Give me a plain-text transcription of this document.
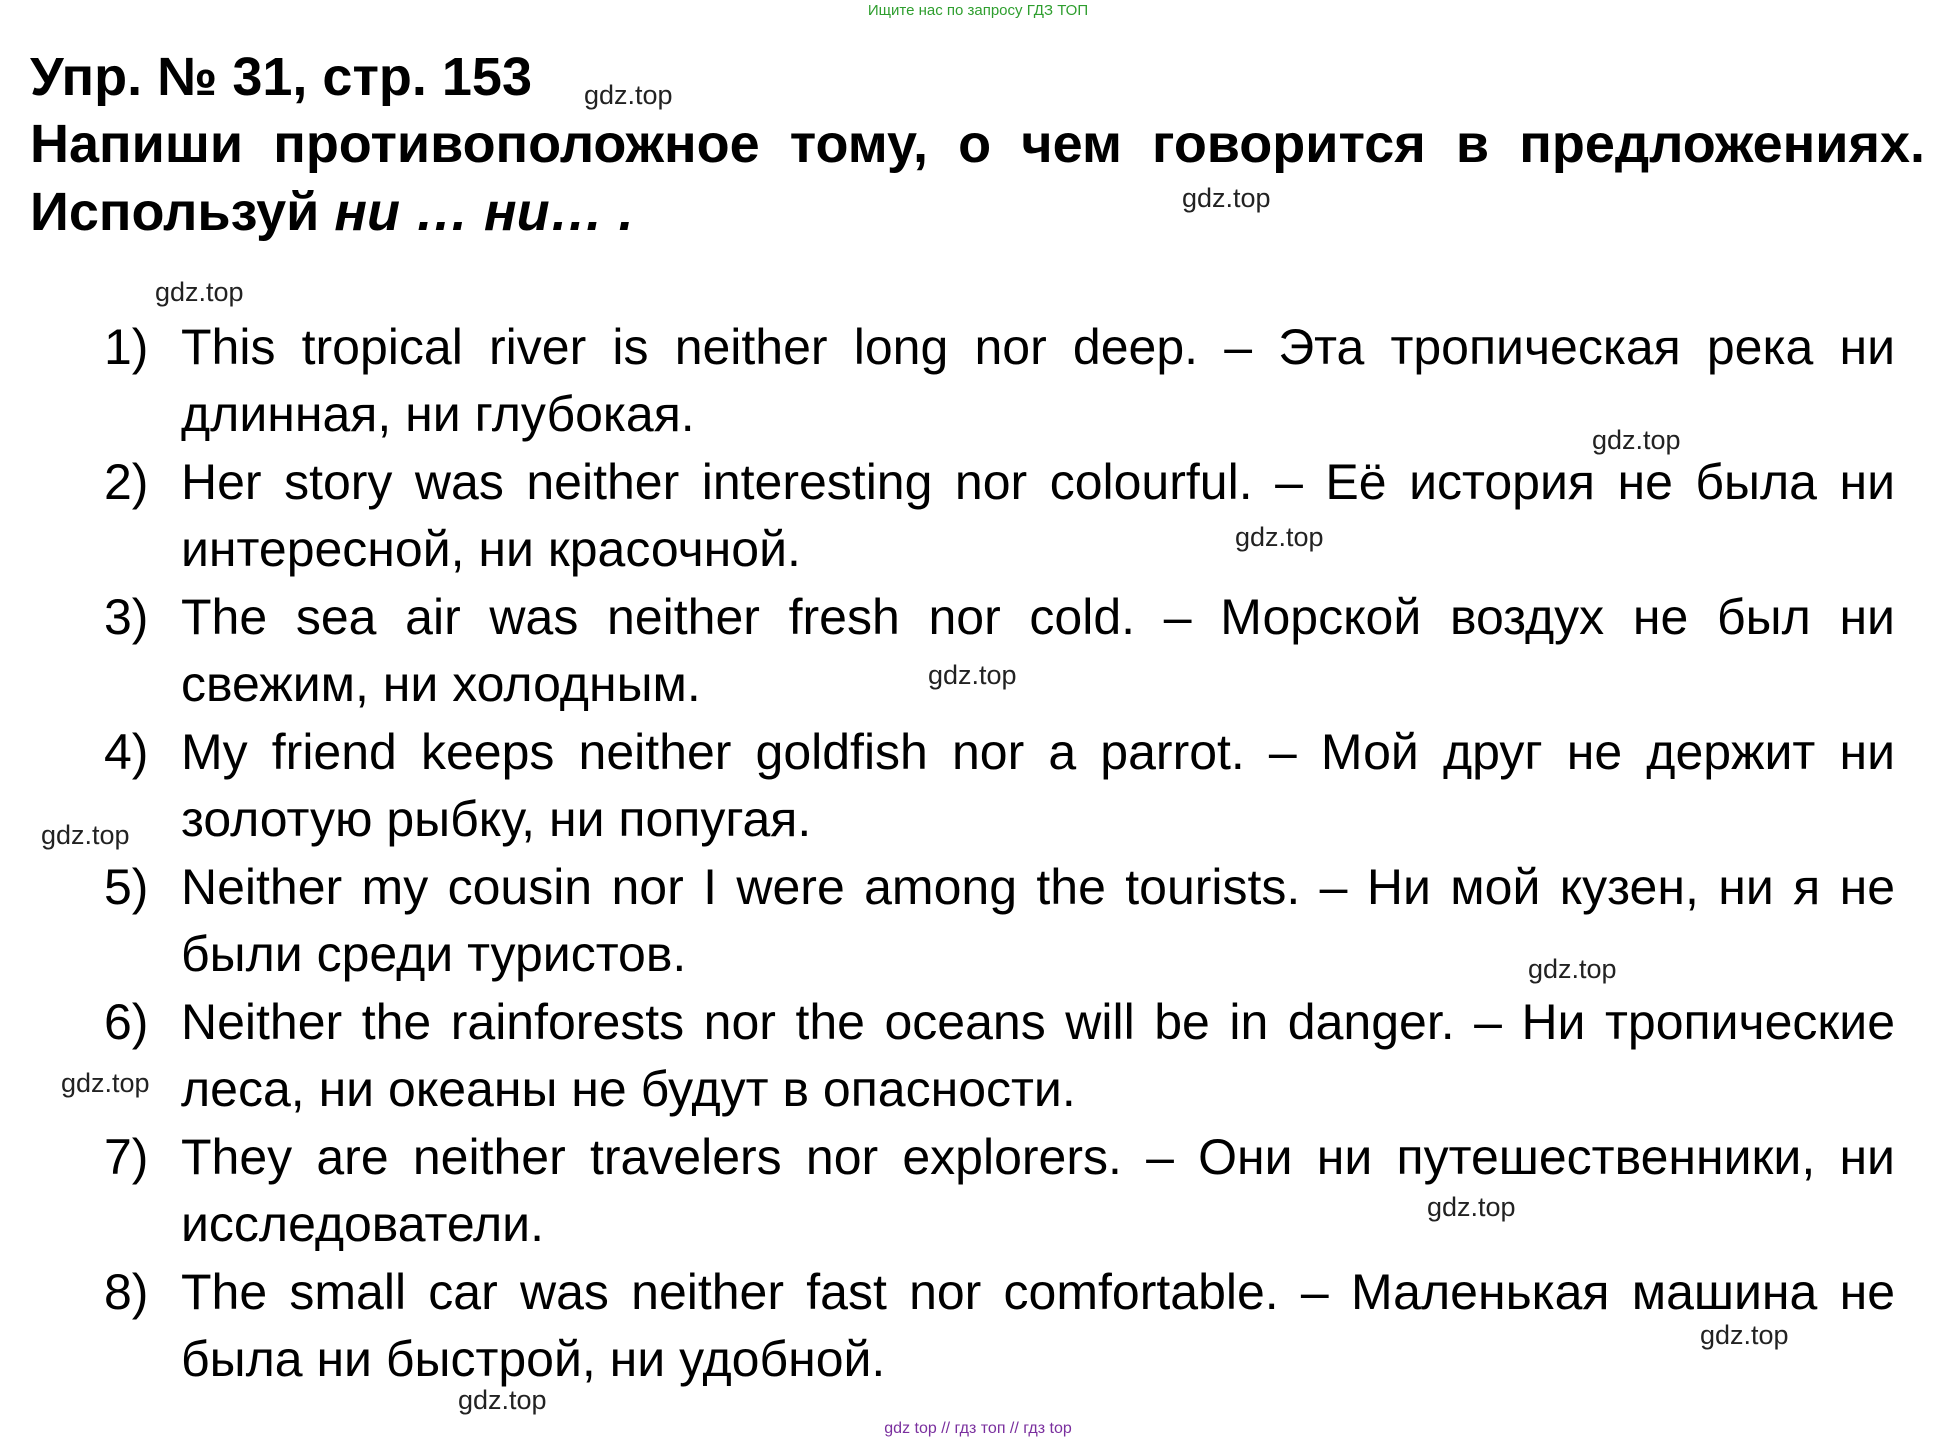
Ищите нас по запросу ГДЗ ТОП
Упр. № 31, стр. 153
Напиши противоположное тому, о чем говорится в предложениях. Используй ни … ни… .
1) This tropical river is neither long nor deep. – Эта тропическая река ни длинная, ни глубокая.
2) Her story was neither interesting nor colourful. – Её история не была ни интересной, ни красочной.
3) The sea air was neither fresh nor cold. – Морской воздух не был ни свежим, ни холодным.
4) My friend keeps neither goldfish nor a parrot. – Мой друг не держит ни золотую рыбку, ни попугая.
5) Neither my cousin nor I were among the tourists. – Ни мой кузен, ни я не были среди туристов.
6) Neither the rainforests nor the oceans will be in danger. – Ни тропические леса, ни океаны не будут в опасности.
7) They are neither travelers nor explorers. – Они ни путешественники, ни исследователи.
8) The small car was neither fast nor comfortable. – Маленькая машина не была ни быстрой, ни удобной.
gdz.top
gdz.top
gdz.top
gdz.top
gdz.top
gdz.top
gdz.top
gdz.top
gdz.top
gdz.top
gdz.top
gdz.top
gdz top // гдз топ // гдз top
